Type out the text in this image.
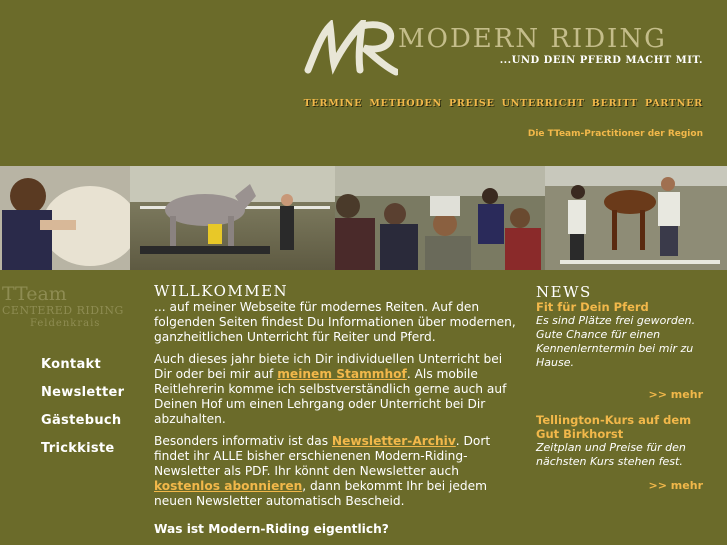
MODERN RIDING
...UND DEIN PFERD MACHT MIT.
TERMINE METHODEN PREISE UNTERRICHT BERITT PARTNER
Die TTeam-Practitioner der Region
TTeam
CENTERED RIDING
Feldenkrais
Kontakt
Newsletter
Gästebuch
Trickkiste
WILLKOMMEN

... auf meiner Webseite für modernes Reiten. Auf den folgenden Seiten findest Du Informationen über modernen, ganzheitlichen Unterricht für Reiter und Pferd.

Auch dieses jahr biete ich Dir individuellen Unterricht bei Dir oder bei mir auf meinem Stammhof. Als mobile Reitlehrerin komme ich selbstverständlich gerne auch auf Deinen Hof um einen Lehrgang oder Unterricht bei Dir abzuhalten.

Besonders informativ ist das Newsletter-Archiv. Dort findet ihr ALLE bisher erschienenen Modern-Riding-Newsletter als PDF. Ihr könnt den Newsletter auch kostenlos abonnieren, dann bekommt Ihr bei jedem neuen Newsletter automatisch Bescheid.

Was ist Modern-Riding eigentlich?

NEWS
Fit für Dein Pferd
Es sind Plätze frei geworden. Gute Chance für einen Kennenlerntermin bei mir zu Hause.
>> mehr
Tellington-Kurs auf dem Gut Birkhorst
Zeitplan und Preise für den nächsten Kurs stehen fest.
>> mehr
